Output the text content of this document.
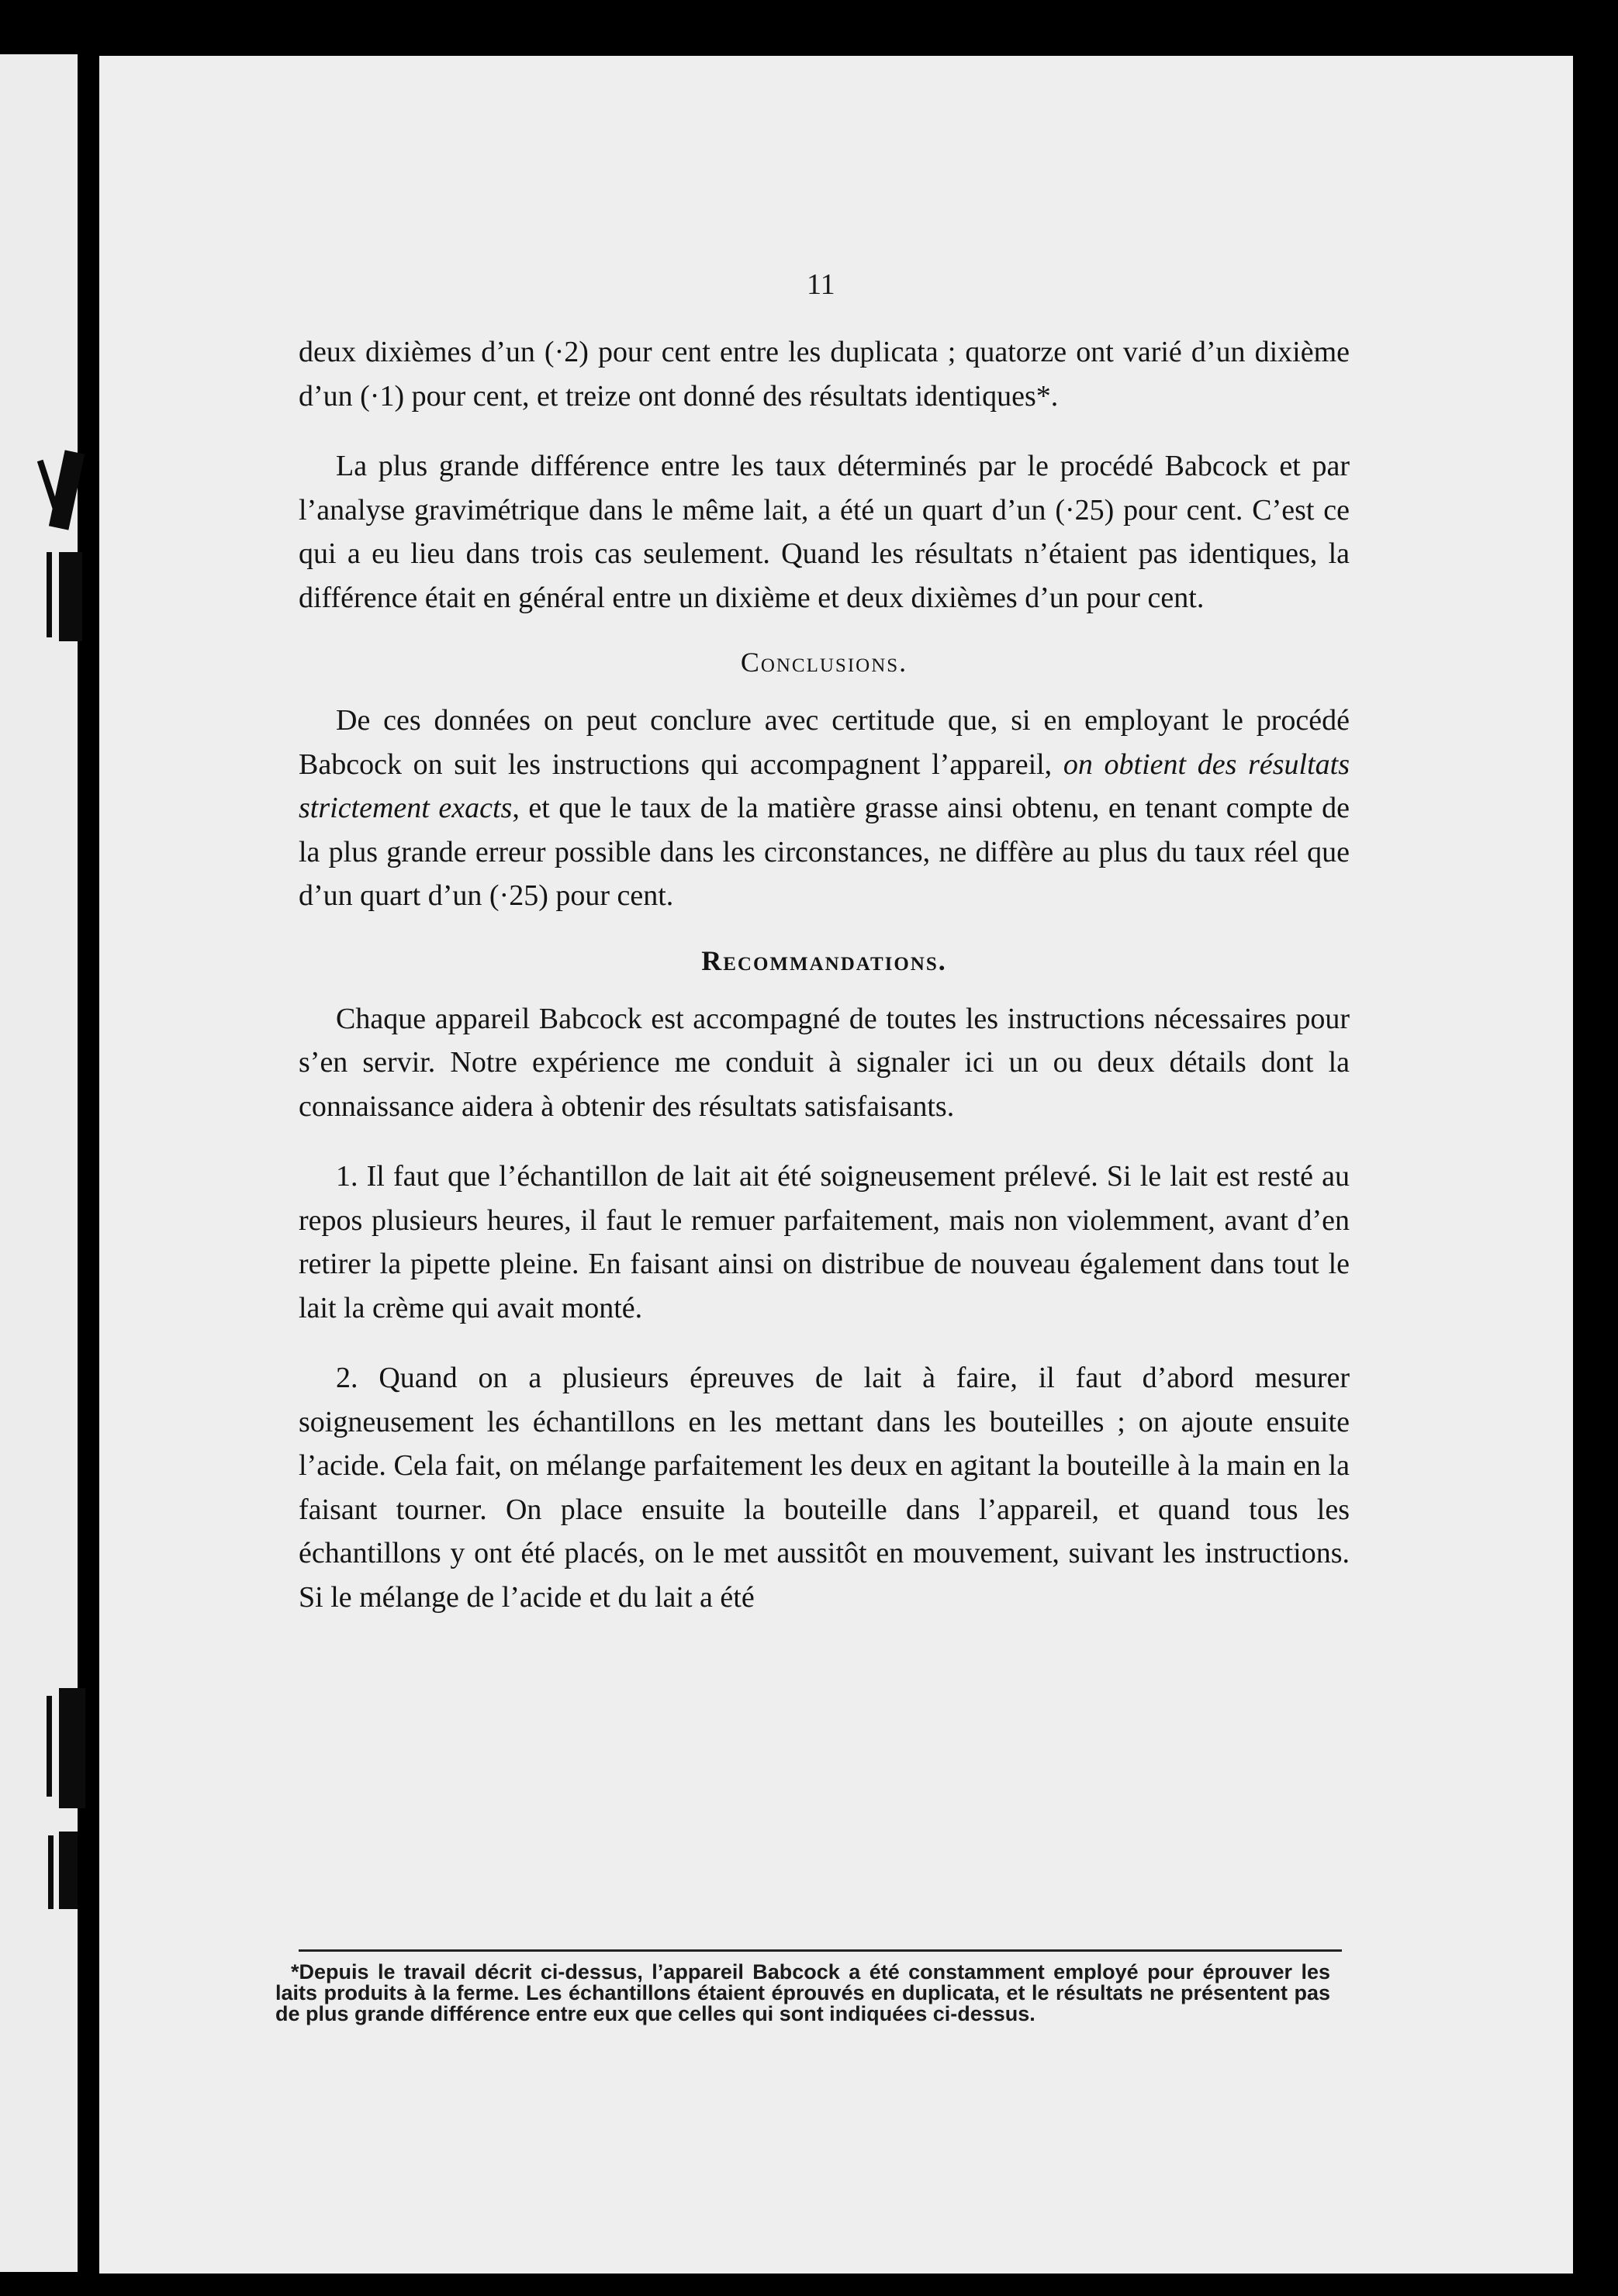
11

deux dixièmes d’un (·2) pour cent entre les duplicata ; quatorze ont varié d’un dixième d’un (·1) pour cent, et treize ont donné des résultats identiques*.

La plus grande différence entre les taux déterminés par le procédé Babcock et par l’analyse gravimétrique dans le même lait, a été un quart d’un (·25) pour cent. C’est ce qui a eu lieu dans trois cas seulement. Quand les résultats n’étaient pas identiques, la différence était en général entre un dixième et deux dixièmes d’un pour cent.

Conclusions.

De ces données on peut conclure avec certitude que, si en employant le procédé Babcock on suit les instructions qui accompagnent l’appareil, on obtient des résultats strictement exacts, et que le taux de la matière grasse ainsi obtenu, en tenant compte de la plus grande erreur possible dans les circonstances, ne diffère au plus du taux réel que d’un quart d’un (·25) pour cent.

Recommandations.

Chaque appareil Babcock est accompagné de toutes les instructions nécessaires pour s’en servir. Notre expérience me conduit à signaler ici un ou deux détails dont la connaissance aidera à obtenir des résultats satisfaisants.

1. Il faut que l’échantillon de lait ait été soigneusement prélevé. Si le lait est resté au repos plusieurs heures, il faut le remuer parfaitement, mais non violemment, avant d’en retirer la pipette pleine. En faisant ainsi on distribue de nouveau également dans tout le lait la crème qui avait monté.

2. Quand on a plusieurs épreuves de lait à faire, il faut d’abord mesurer soigneusement les échantillons en les mettant dans les bouteilles ; on ajoute ensuite l’acide. Cela fait, on mélange parfaitement les deux en agitant la bouteille à la main en la faisant tourner. On place ensuite la bouteille dans l’appareil, et quand tous les échantillons y ont été placés, on le met aussitôt en mouvement, suivant les instructions. Si le mélange de l’acide et du lait a été

*Depuis le travail décrit ci-dessus, l’appareil Babcock a été constamment employé pour éprouver les laits produits à la ferme. Les échantillons étaient éprouvés en duplicata, et le résultats ne présentent pas de plus grande différence entre eux que celles qui sont indiquées ci-dessus.
